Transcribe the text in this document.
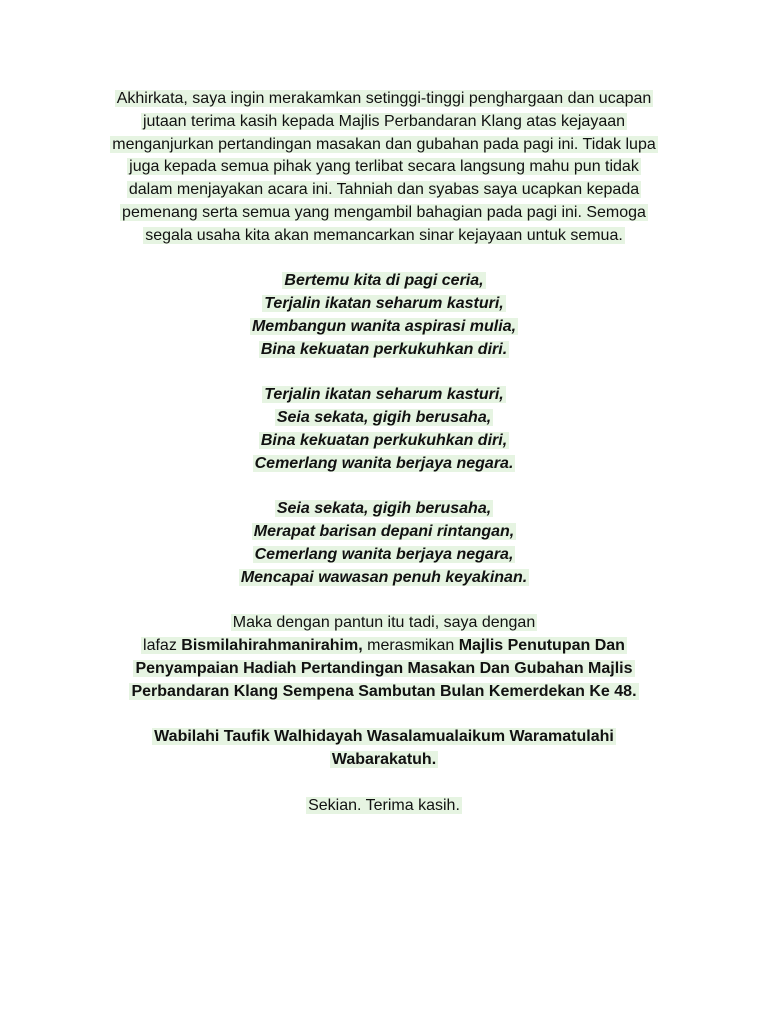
Akhirkata, saya ingin merakamkan setinggi-tinggi penghargaan dan ucapan
jutaan terima kasih kepada Majlis Perbandaran Klang atas kejayaan
menganjurkan pertandingan masakan dan gubahan pada pagi ini. Tidak lupa
juga kepada semua pihak yang terlibat secara langsung mahu pun tidak
dalam menjayakan acara ini. Tahniah dan syabas saya ucapkan kepada
pemenang serta semua yang mengambil bahagian pada pagi ini. Semoga
segala usaha kita akan memancarkan sinar kejayaan untuk semua.
Bertemu kita di pagi ceria,
Terjalin ikatan seharum kasturi,
Membangun wanita aspirasi mulia,
Bina kekuatan perkukuhkan diri.
Terjalin ikatan seharum kasturi,
Seia sekata, gigih berusaha,
Bina kekuatan perkukuhkan diri,
Cemerlang wanita berjaya negara.
Seia sekata, gigih berusaha,
Merapat barisan depani rintangan,
Cemerlang wanita berjaya negara,
Mencapai wawasan penuh keyakinan.
Maka dengan pantun itu tadi, saya dengan
lafaz Bismilahirahmanirahim, merasmikan Majlis Penutupan Dan
Penyampaian Hadiah Pertandingan Masakan Dan Gubahan Majlis
Perbandaran Klang Sempena Sambutan Bulan Kemerdekan Ke 48.
Wabilahi Taufik Walhidayah Wasalamualaikum Waramatulahi
Wabarakatuh.
Sekian. Terima kasih.
